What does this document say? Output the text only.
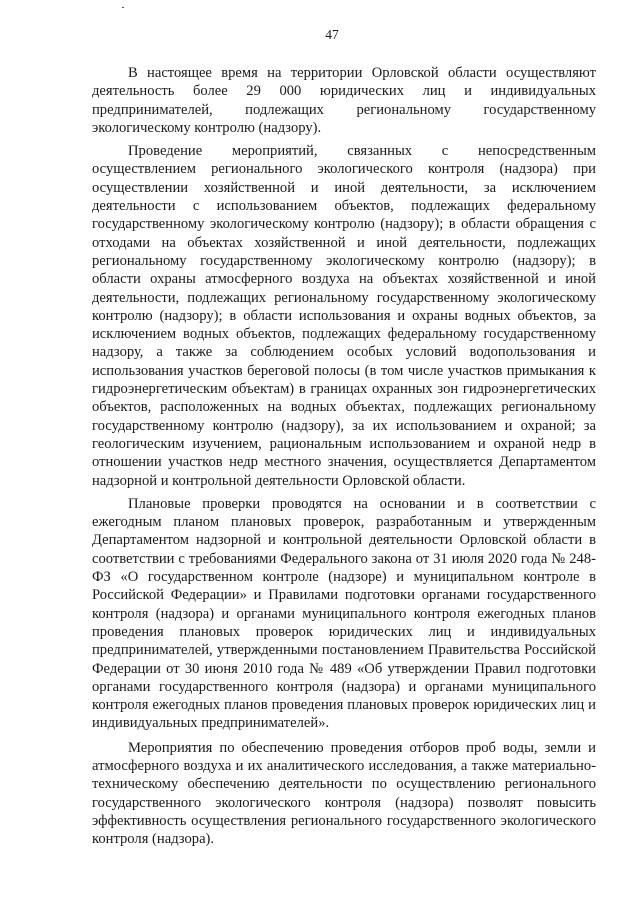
47

В настоящее время на территории Орловской области осуществляют деятельность более 29 000 юридических лиц и индивидуальных предпринимателей, подлежащих региональному государственному экологическому контролю (надзору).

Проведение мероприятий, связанных с непосредственным осуществлением регионального экологического контроля (надзора) при осуществлении хозяйственной и иной деятельности, за исключением деятельности с использованием объектов, подлежащих федеральному государственному экологическому контролю (надзору); в области обращения с отходами на объектах хозяйственной и иной деятельности, подлежащих региональному государственному экологическому контролю (надзору); в области охраны атмосферного воздуха на объектах хозяйственной и иной деятельности, подлежащих региональному государственному экологическому контролю (надзору); в области использования и охраны водных объектов, за исключением водных объектов, подлежащих федеральному государственному надзору, а также за соблюдением особых условий водопользования и использования участков береговой полосы (в том числе участков примыкания к гидроэнергетическим объектам) в границах охранных зон гидроэнергетических объектов, расположенных на водных объектах, подлежащих региональному государственному контролю (надзору), за их использованием и охраной; за геологическим изучением, рациональным использованием и охраной недр в отношении участков недр местного значения, осуществляется Департаментом надзорной и контрольной деятельности Орловской области.

Плановые проверки проводятся на основании и в соответствии с ежегодным планом плановых проверок, разработанным и утвержденным Департаментом надзорной и контрольной деятельности Орловской области в соответствии с требованиями Федерального закона от 31 июля 2020 года № 248-ФЗ «О государственном контроле (надзоре) и муниципальном контроле в Российской Федерации» и Правилами подготовки органами государственного контроля (надзора) и органами муниципального контроля ежегодных планов проведения плановых проверок юридических лиц и индивидуальных предпринимателей, утвержденными постановлением Правительства Российской Федерации от 30 июня 2010 года № 489 «Об утверждении Правил подготовки органами государственного контроля (надзора) и органами муниципального контроля ежегодных планов проведения плановых проверок юридических лиц и индивидуальных предпринимателей».

Мероприятия по обеспечению проведения отборов проб воды, земли и атмосферного воздуха и их аналитического исследования, а также материально-техническому обеспечению деятельности по осуществлению регионального государственного экологического контроля (надзора) позволят повысить эффективность осуществления регионального государственного экологического контроля (надзора).
